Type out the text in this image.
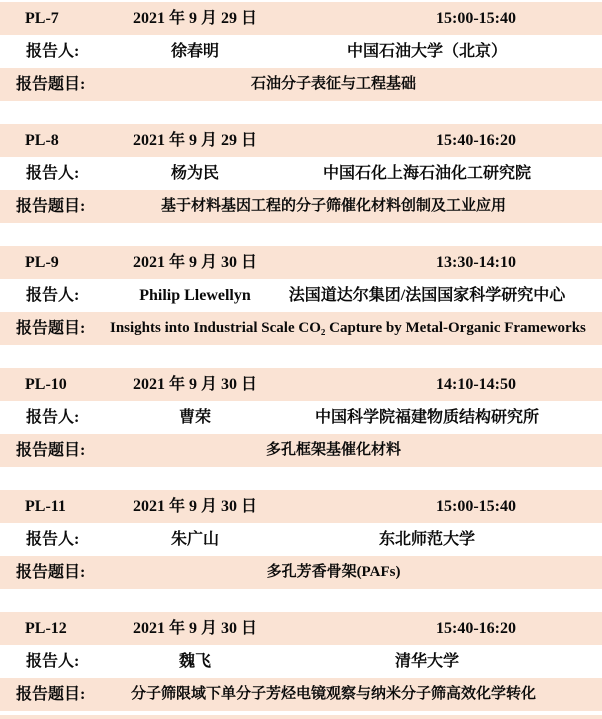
PL-7	2021 年 9 月 29 日	15:00-15:40
报告人:	徐春明	中国石油大学（北京）
报告题目:	石油分子表征与工程基础
PL-8	2021 年 9 月 29 日	15:40-16:20
报告人:	杨为民	中国石化上海石油化工研究院
报告题目:	基于材料基因工程的分子筛催化材料创制及工业应用
PL-9	2021 年 9 月 30 日	13:30-14:10
报告人:	Philip Llewellyn	法国道达尔集团/法国国家科学研究中心
报告题目:	Insights into Industrial Scale CO₂ Capture by Metal-Organic Frameworks
PL-10	2021 年 9 月 30 日	14:10-14:50
报告人:	曹荣	中国科学院福建物质结构研究所
报告题目:	多孔框架基催化材料
PL-11	2021 年 9 月 30 日	15:00-15:40
报告人:	朱广山	东北师范大学
报告题目:	多孔芳香骨架(PAFs)
PL-12	2021 年 9 月 30 日	15:40-16:20
报告人:	魏飞	清华大学
报告题目:	分子筛限域下单分子芳烃电镜观察与纳米分子筛高效化学转化
